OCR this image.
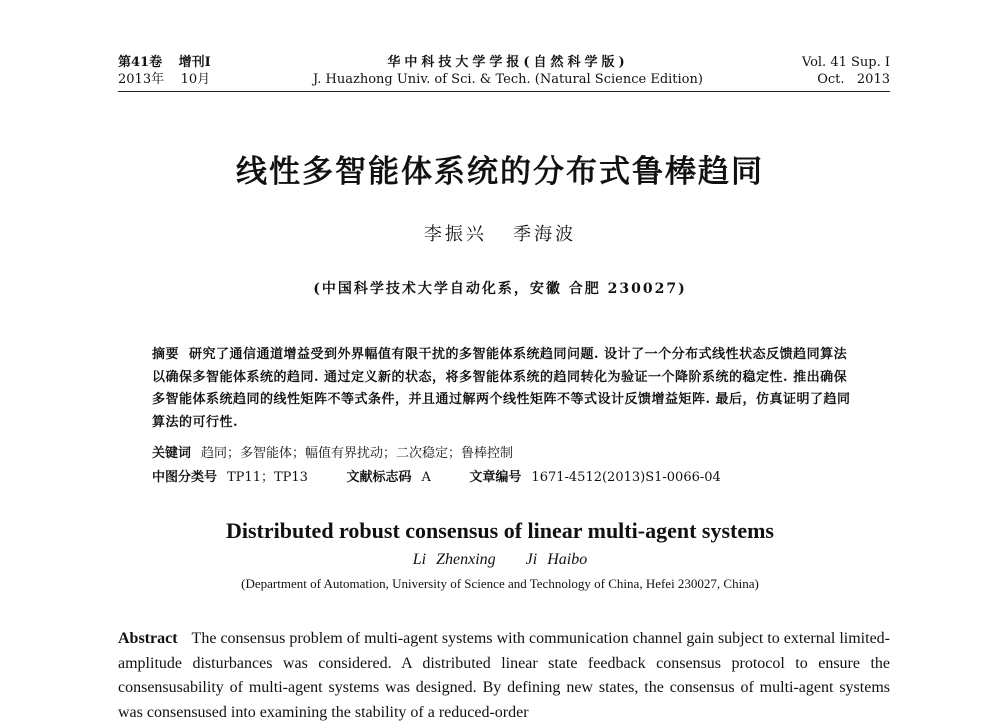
第41卷 增刊Ⅰ
2013年 10月
华中科技大学学报(自然科学版)
J. Huazhong Univ. of Sci. & Tech. (Natural Science Edition)
Vol. 41 Sup. Ⅰ
Oct.   2013
线性多智能体系统的分布式鲁棒趋同
李振兴   季海波
(中国科学技术大学自动化系，安徽 合肥 230027)
摘要 研究了通信通道增益受到外界幅值有限干扰的多智能体系统趋同问题. 设计了一个分布式线性状态反馈趋同算法以确保多智能体系统的趋同. 通过定义新的状态，将多智能体系统的趋同转化为验证一个降阶系统的稳定性. 推出确保多智能体系统趋同的线性矩阵不等式条件，并且通过解两个线性矩阵不等式设计反馈增益矩阵. 最后，仿真证明了趋同算法的可行性.
关键词 趋同；多智能体；幅值有界扰动；二次稳定；鲁棒控制
中图分类号 TP11；TP13	文献标志码 A	文章编号 1671-4512(2013)S1-0066-04
Distributed robust consensus of linear multi-agent systems
Li Zhenxing   Ji Haibo
(Department of Automation, University of Science and Technology of China, Hefei 230027, China)
Abstract The consensus problem of multi-agent systems with communication channel gain subject to external limited-amplitude disturbances was considered. A distributed linear state feedback consensus protocol to ensure the consensusability of multi-agent systems was designed. By defining new states, the consensus of multi-agent systems was consensused into examining the stability of a reduced-order
